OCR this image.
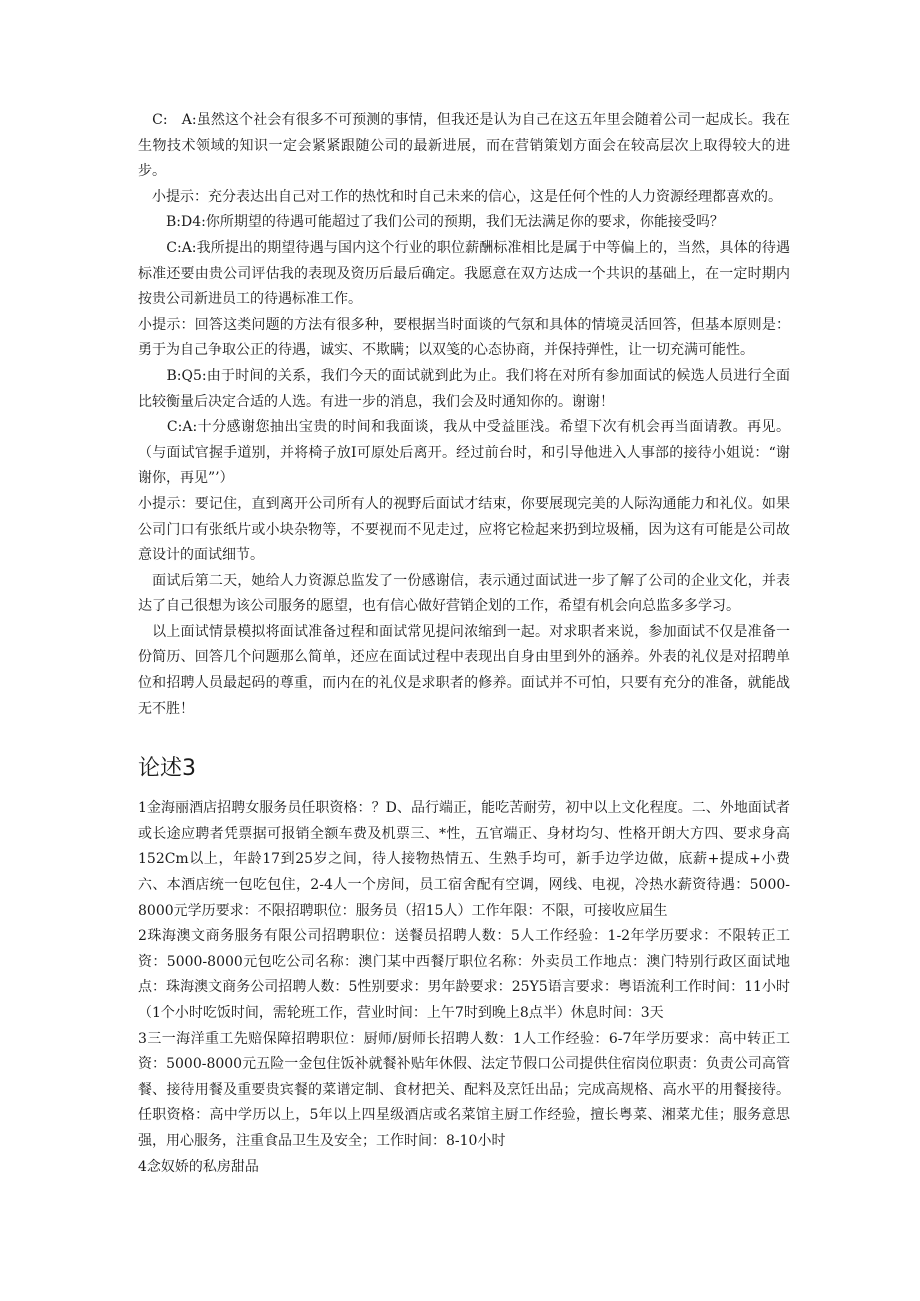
　C:　A:虽然这个社会有很多不可预测的事情，但我还是认为自己在这五年里会随着公司一起成长。我在生物技术领域的知识一定会紧紧跟随公司的最新进展，而在营销策划方面会在较高层次上取得较大的进步。

　小提示：充分表达出自己对工作的热忱和时自己未来的信心，这是任何个性的人力资源经理都喜欢的。

　　B:D4:你所期望的待遇可能超过了我们公司的预期，我们无法满足你的要求，你能接受吗？

　　C:A:我所提出的期望待遇与国内这个行业的职位薪酬标准相比是属于中等偏上的，当然，具体的待遇标准还要由贵公司评估我的表现及资历后最后确定。我愿意在双方达成一个共识的基础上，在一定时期内按贵公司新进员工的待遇标准工作。

小提示：回答这类问题的方法有很多种，要根据当时面谈的气氛和具体的情境灵活回答，但基本原则是：勇于为自己争取公正的待遇，诚实、不欺瞒；以双笺的心态协商，并保持弹性，让一切充满可能性。

　　B:Q5:由于时间的关系，我们今天的面试就到此为止。我们将在对所有参加面试的候选人员进行全面比较衡量后决定合适的人选。有进一步的消息，我们会及时通知你的。谢谢！

　　C:A:十分感谢您抽出宝贵的时间和我面谈，我从中受益匪浅。希望下次有机会再当面请教。再见。（与面试官握手道别，并将椅子放I可原处后离开。经过前台时，和引导他进入人事部的接待小姐说：“谢谢你，再见”’）

小提示：要记住，直到离开公司所有人的视野后面试才结束，你要展现完美的人际沟通能力和礼仪。如果公司门口有张纸片或小块杂物等，不要视而不见走过，应将它检起来扔到垃圾桶，因为这有可能是公司故意设计的面试细节。

　面试后第二天，她给人力资源总监发了一份感谢信，表示通过面试进一步了解了公司的企业文化，并表达了自己很想为该公司服务的愿望，也有信心做好营销企划的工作，希望有机会向总监多多学习。

　以上面试情景模拟将面试准备过程和面试常见提问浓缩到一起。对求职者来说，参加面试不仅是准备一份简历、回答几个问题那么简单，还应在面试过程中表现出自身由里到外的涵养。外表的礼仪是对招聘单位和招聘人员最起码的尊重，而内在的礼仪是求职者的修养。面试并不可怕，只要有充分的准备，就能战无不胜！

论述3

1金海丽酒店招聘女服务员任职资格：？D、品行端正，能吃苦耐劳，初中以上文化程度。二、外地面试者或长途应聘者凭票据可报销全额车费及机票三、*性，五官端正、身材均匀、性格开朗大方四、要求身高152Cm以上，年龄17到25岁之间，待人接物热情五、生熟手均可，新手边学边做，底薪+提成+小费六、本酒店统一包吃包住，2-4人一个房间，员工宿舍配有空调，网线、电视，冷热水薪资待遇：5000-8000元学历要求：不限招聘职位：服务员（招15人）工作年限：不限，可接收应届生

2珠海澳文商务服务有限公司招聘职位：送餐员招聘人数：5人工作经验：1-2年学历要求：不限转正工资：5000-8000元包吃公司名称：澳门某中西餐厅职位名称：外卖员工作地点：澳门特别行政区面试地点：珠海澳文商务公司招聘人数：5性别要求：男年龄要求：25Y5语言要求：粤语流利工作时间：11小时（1个小时吃饭时间，需轮班工作，营业时间：上午7时到晚上8点半）休息时间：3天

3三一海洋重工先赔保障招聘职位：厨师/厨师长招聘人数：1人工作经验：6-7年学历要求：高中转正工资：5000-8000元五险一金包住饭补就餐补贴年休假、法定节假口公司提供住宿岗位职责：负责公司高管餐、接待用餐及重要贵宾餐的菜谱定制、食材把关、配料及烹饪出品；完成高规格、高水平的用餐接待。任职资格：高中学历以上，5年以上四星级酒店或名菜馆主厨工作经验，擅长粤菜、湘菜尤佳；服务意思强，用心服务，注重食品卫生及安全；工作时间：8-10小时

4念奴娇的私房甜品
